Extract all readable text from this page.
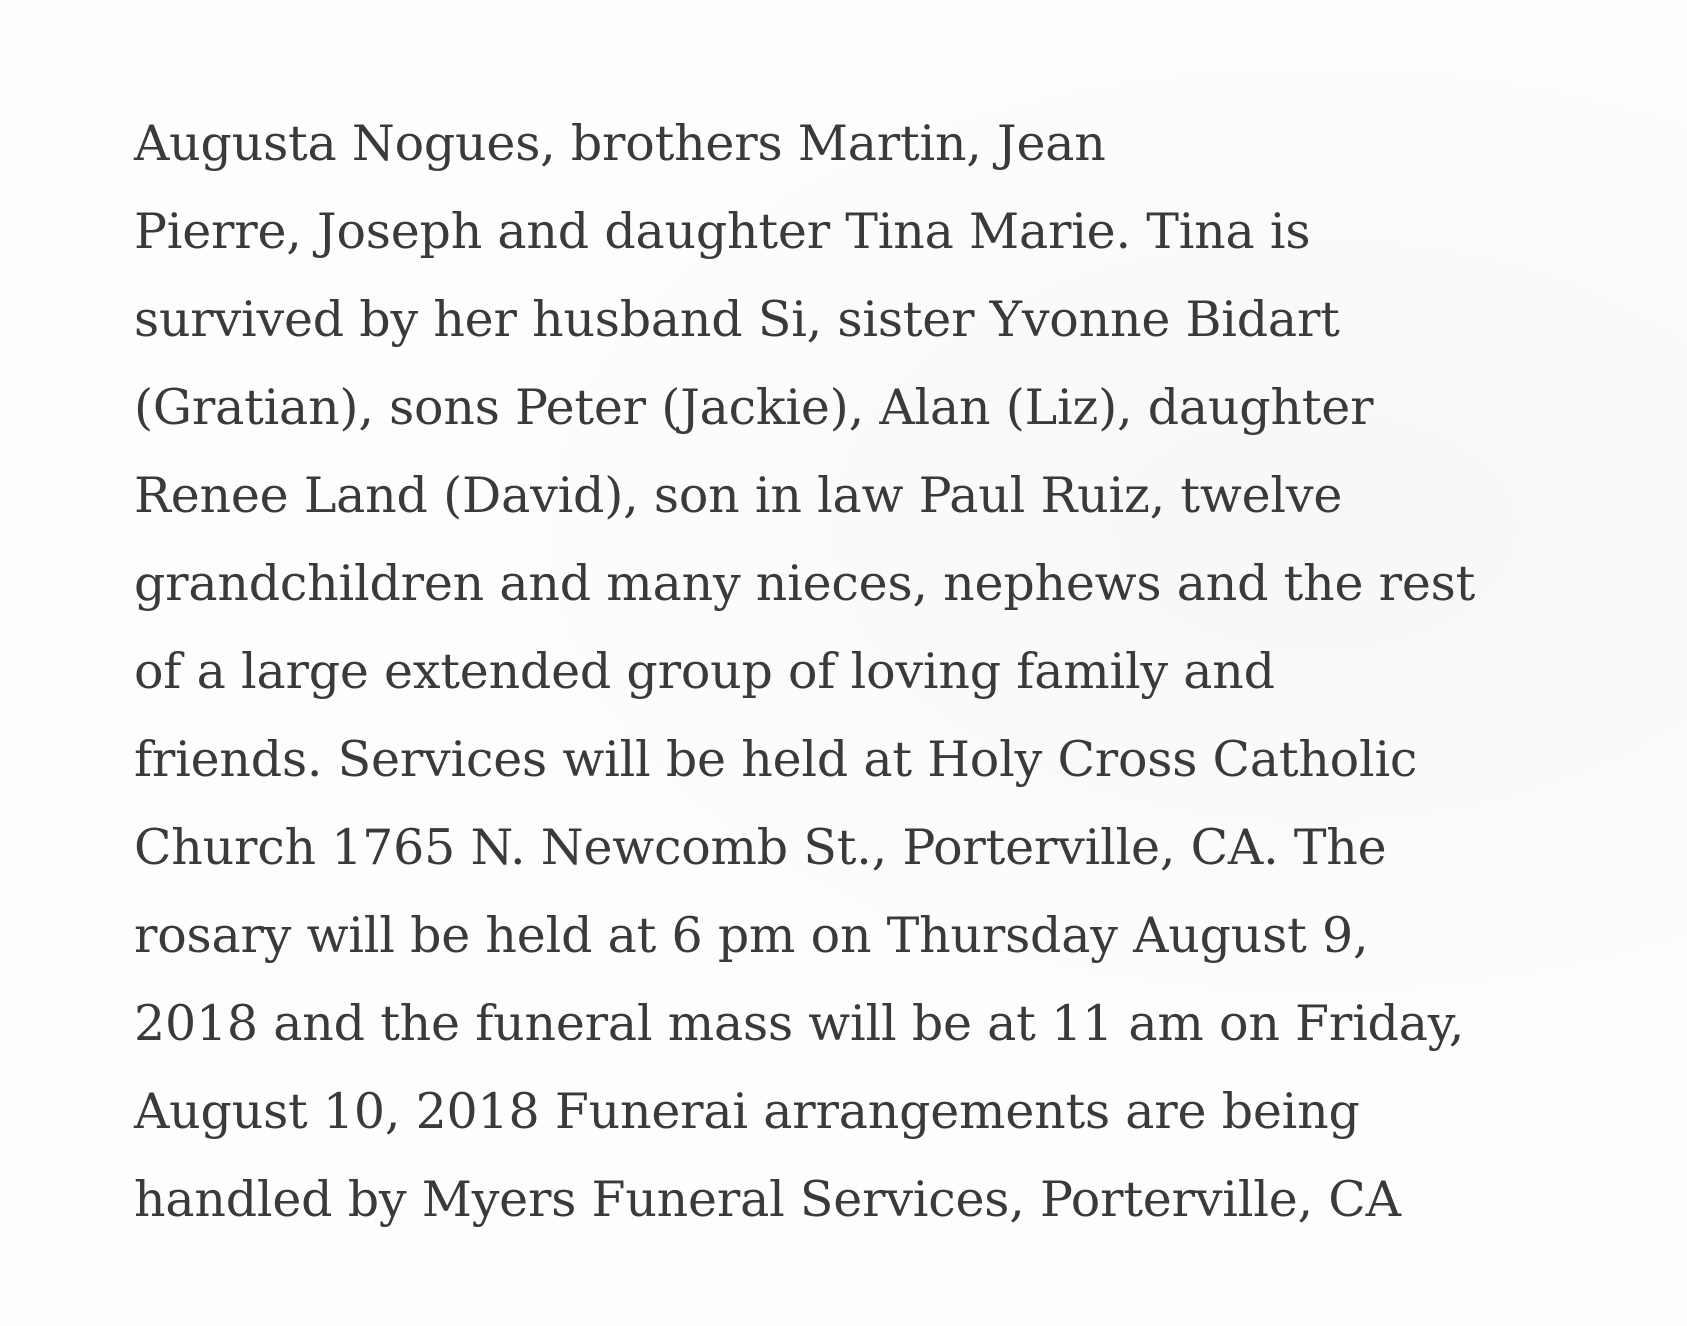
Augusta Nogues, brothers Martin, Jean
Pierre, Joseph and daughter Tina Marie. Tina is
survived by her husband Si, sister Yvonne Bidart
(Gratian), sons Peter (Jackie), Alan (Liz), daughter
Renee Land (David), son in law Paul Ruiz, twelve
grandchildren and many nieces, nephews and the rest
of a large extended group of loving family and
friends. Services will be held at Holy Cross Catholic
Church 1765 N. Newcomb St., Porterville, CA. The
rosary will be held at 6 pm on Thursday August 9,
2018 and the funeral mass will be at 11 am on Friday,
August 10, 2018 Funerai arrangements are being
handled by Myers Funeral Services, Porterville, CA
